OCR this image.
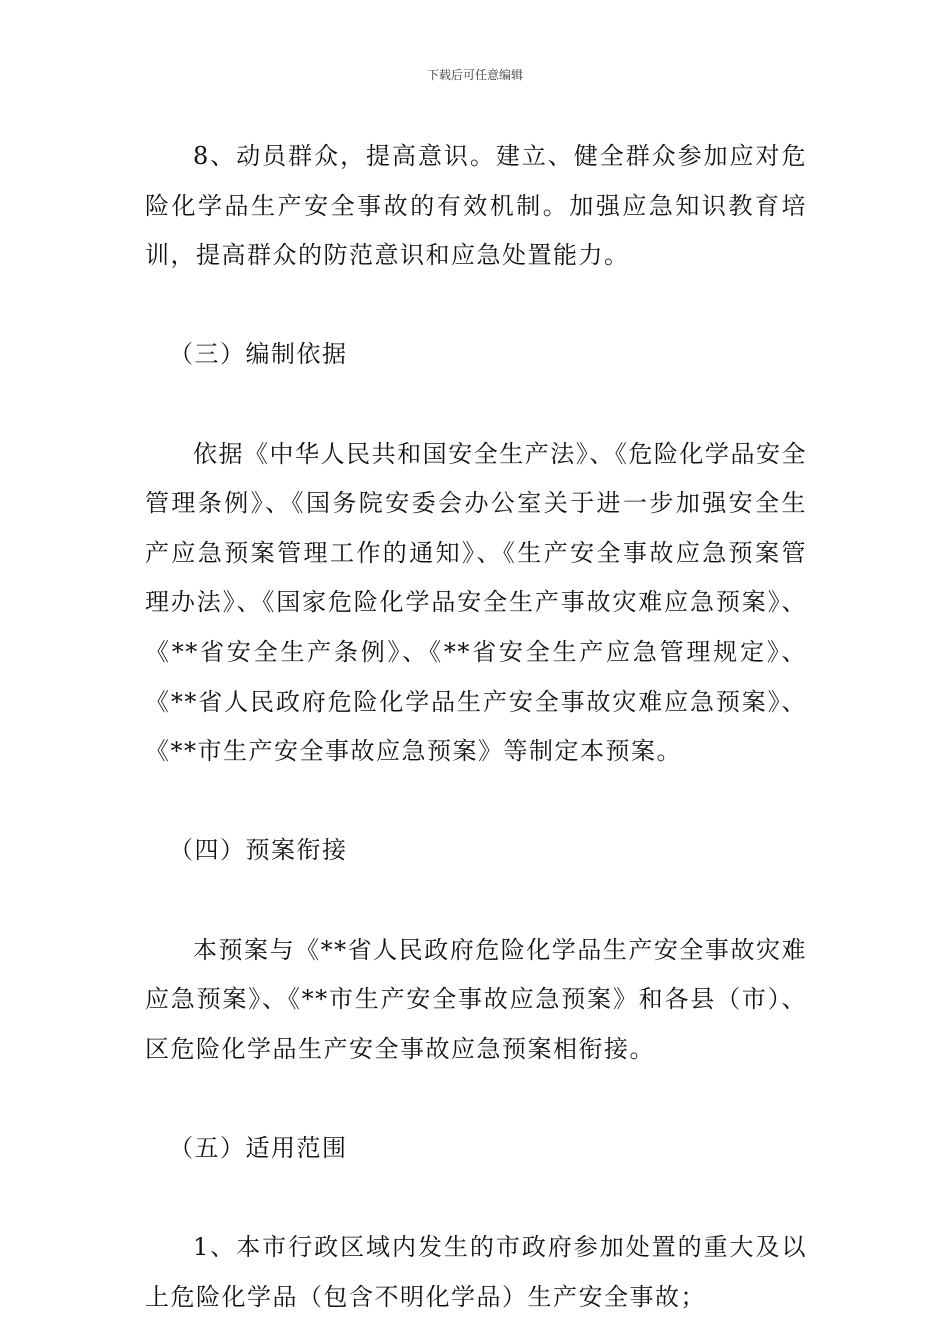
下载后可任意编辑

8、动员群众，提高意识。建立、健全群众参加应对危险化学品生产安全事故的有效机制。加强应急知识教育培训，提高群众的防范意识和应急处置能力。

（三）编制依据

依据《中华人民共和国安全生产法》、《危险化学品安全管理条例》、《国务院安委会办公室关于进一步加强安全生产应急预案管理工作的通知》、《生产安全事故应急预案管理办法》、《国家危险化学品安全生产事故灾难应急预案》、《**省安全生产条例》、《**省安全生产应急管理规定》、《**省人民政府危险化学品生产安全事故灾难应急预案》、《**市生产安全事故应急预案》等制定本预案。

（四）预案衔接

本预案与《**省人民政府危险化学品生产安全事故灾难应急预案》、《**市生产安全事故应急预案》和各县（市）、区危险化学品生产安全事故应急预案相衔接。

（五）适用范围

1、本市行政区域内发生的市政府参加处置的重大及以上危险化学品（包含不明化学品）生产安全事故；
